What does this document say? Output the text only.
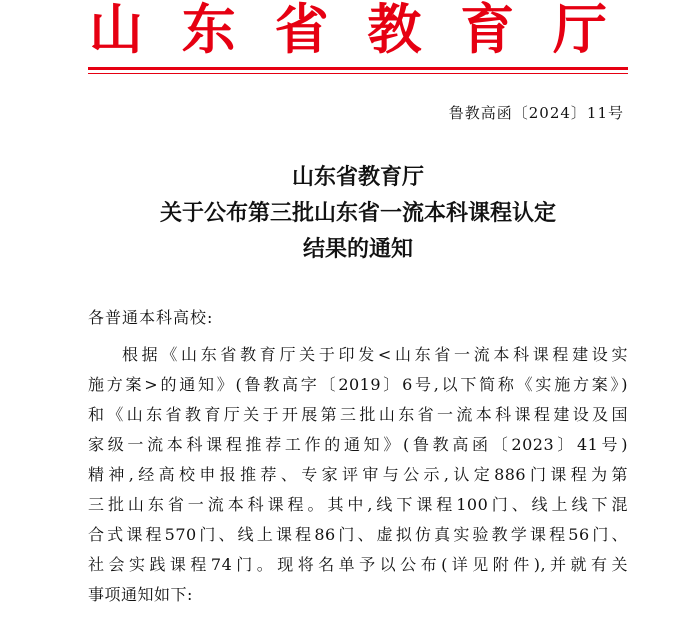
山 东 省 教 育 厅
鲁教高函〔2024〕11号
山东省教育厅
关于公布第三批山东省一流本科课程认定
结果的通知
各普通本科高校:
根据《山东省教育厅关于印发<山东省一流本科课程建设实
施方案>的通知》(鲁教高字〔2019〕6号,以下简称《实施方案》)
和《山东省教育厅关于开展第三批山东省一流本科课程建设及国
家级一流本科课程推荐工作的通知》(鲁教高函〔2023〕41号)
精神,经高校申报推荐、专家评审与公示,认定886门课程为第
三批山东省一流本科课程。其中,线下课程100门、线上线下混
合式课程570门、线上课程86门、虚拟仿真实验教学课程56门、
社会实践课程74门。现将名单予以公布(详见附件),并就有关
事项通知如下:
